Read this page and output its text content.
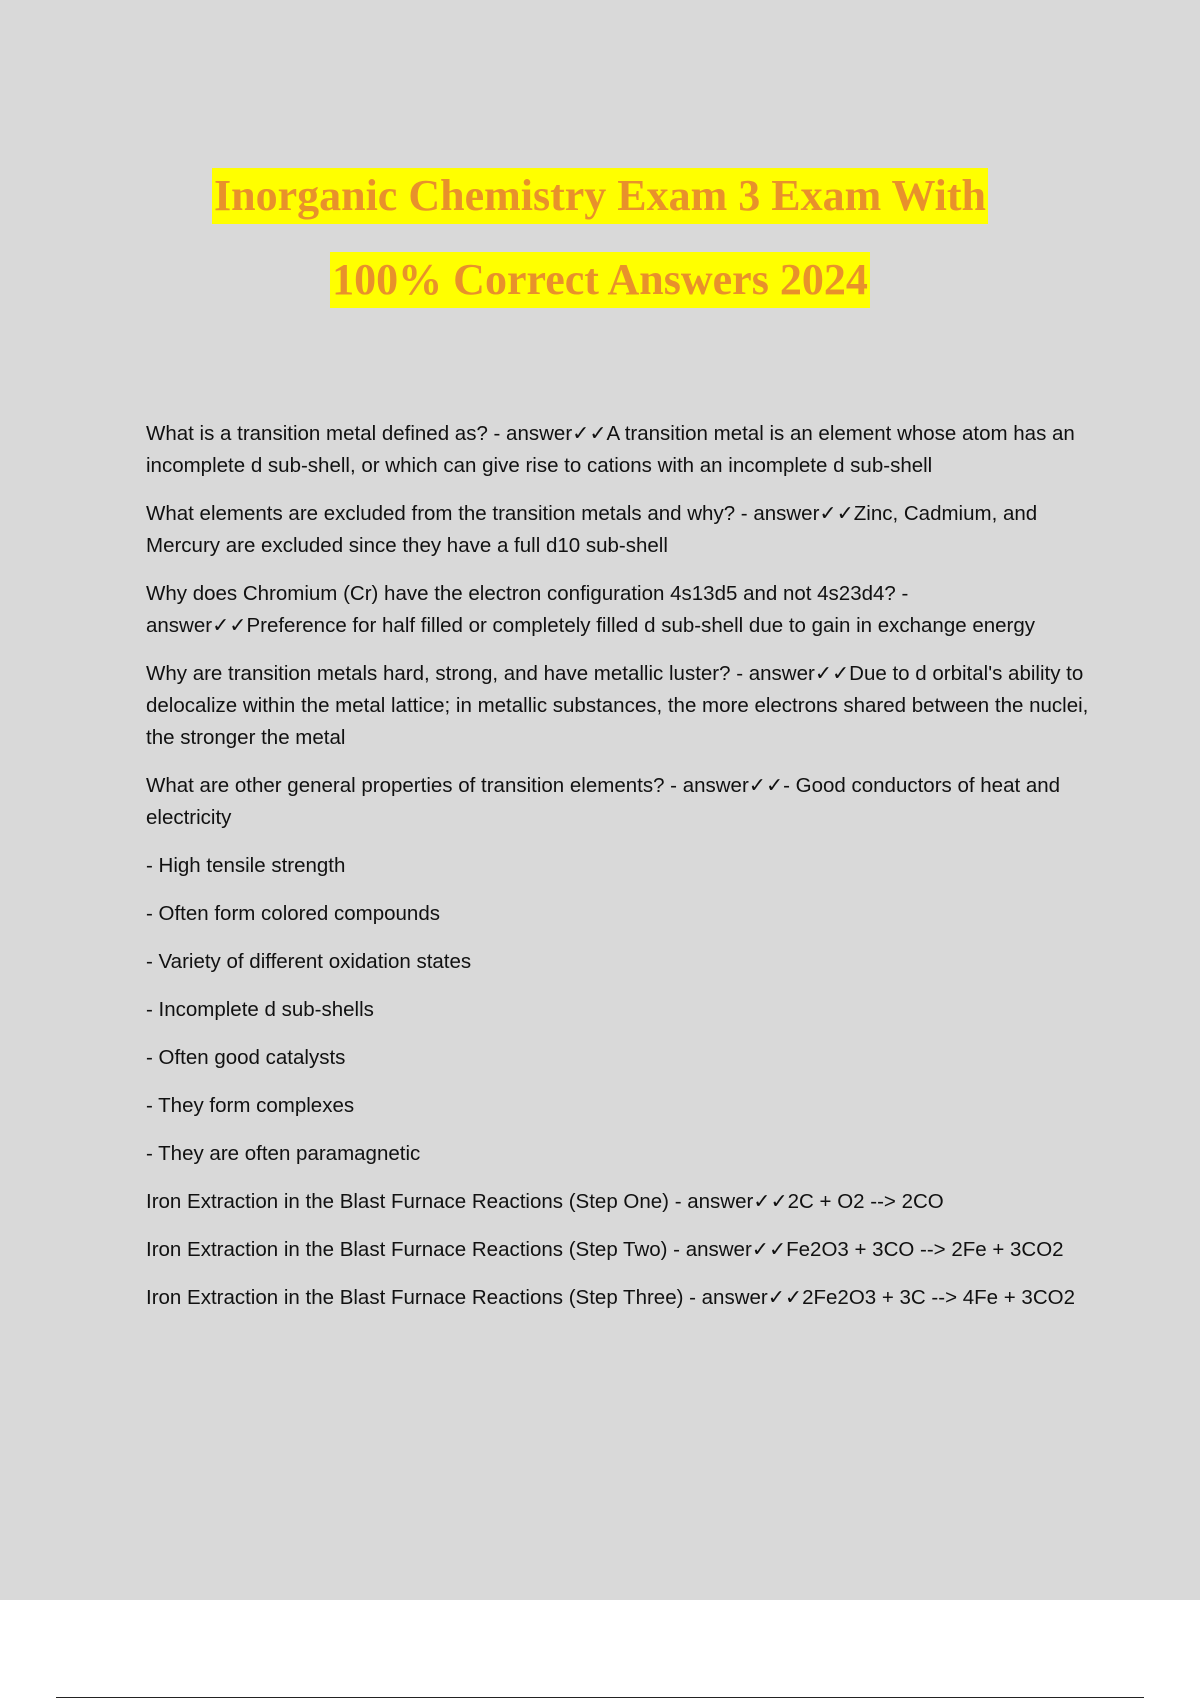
Inorganic Chemistry Exam 3 Exam With
100% Correct Answers 2024

What is a transition metal defined as? - answer✓✓A transition metal is an element whose atom has an incomplete d sub-shell, or which can give rise to cations with an incomplete d sub-shell

What elements are excluded from the transition metals and why? - answer✓✓Zinc, Cadmium, and Mercury are excluded since they have a full d10 sub-shell

Why does Chromium (Cr) have the electron configuration 4s13d5 and not 4s23d4? - answer✓✓Preference for half filled or completely filled d sub-shell due to gain in exchange energy

Why are transition metals hard, strong, and have metallic luster? - answer✓✓Due to d orbital's ability to delocalize within the metal lattice; in metallic substances, the more electrons shared between the nuclei, the stronger the metal

What are other general properties of transition elements? - answer✓✓- Good conductors of heat and electricity

- High tensile strength

- Often form colored compounds

- Variety of different oxidation states

- Incomplete d sub-shells

- Often good catalysts

- They form complexes

- They are often paramagnetic

Iron Extraction in the Blast Furnace Reactions (Step One) - answer✓✓2C + O2 --> 2CO

Iron Extraction in the Blast Furnace Reactions (Step Two) - answer✓✓Fe2O3 + 3CO --> 2Fe + 3CO2

Iron Extraction in the Blast Furnace Reactions (Step Three) - answer✓✓2Fe2O3 + 3C --> 4Fe + 3CO2
